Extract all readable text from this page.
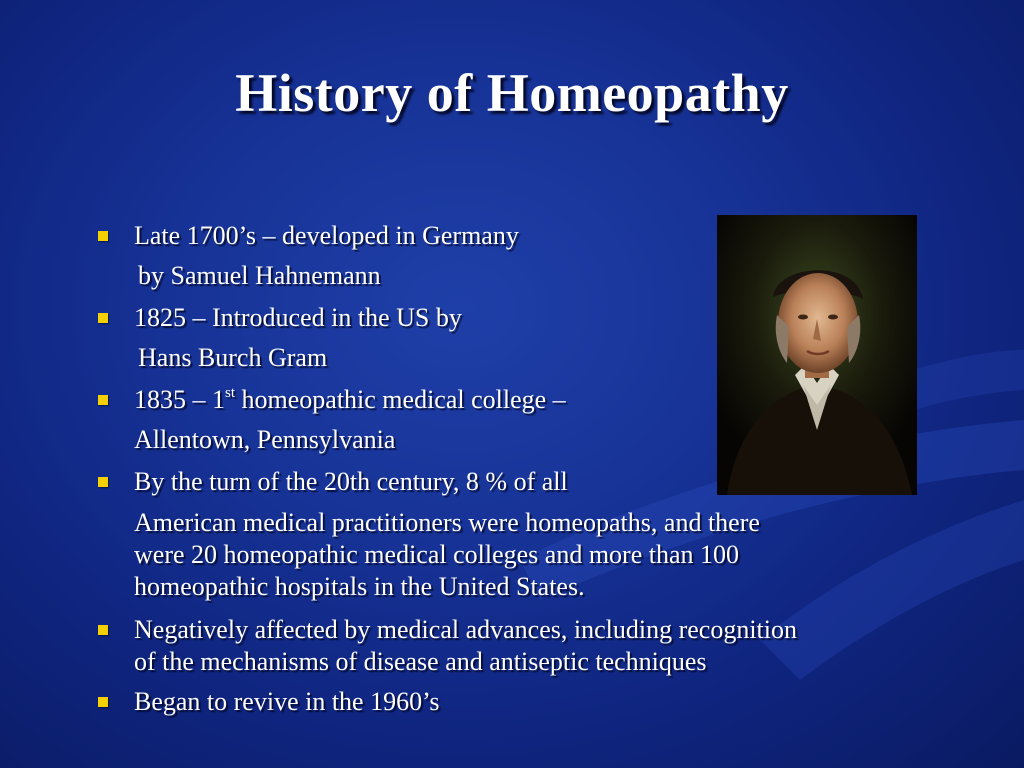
History of Homeopathy
Late 1700’s – developed in Germany
by Samuel Hahnemann
1825 – Introduced in the US by
Hans Burch Gram
1835 – 1st homeopathic medical college –
Allentown, Pennsylvania
By the turn of the 20th century, 8 % of all
American medical practitioners were homeopaths, and there
were 20 homeopathic medical colleges and more than 100
homeopathic hospitals in the United States.
Negatively affected by medical advances, including recognition
of the mechanisms of disease and antiseptic techniques
Began to revive in the 1960’s
